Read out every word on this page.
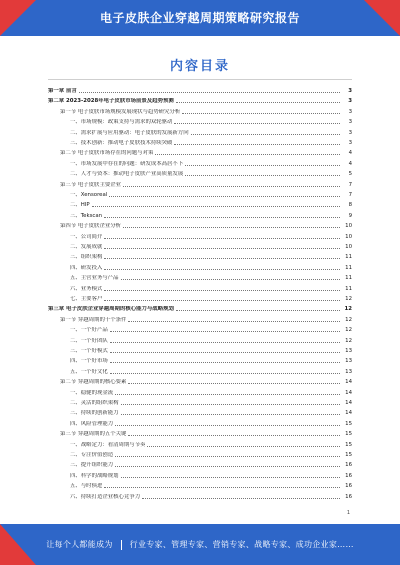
电子皮肤企业穿越周期策略研究报告
内容目录
第一章 前言	3
第二章 2023-2028年电子皮肤市场前景及趋势预测	3
第一节 电子皮肤市场规模发展现状与趋势研究分析	3
一、市场规模：政策支持与需求的双轮驱动	3
二、需求扩展与应用驱动：电子皮肤的发展新方向	3
三、技术创新：推动电子皮肤技术持续突破	3
第二节 电子皮肤市场存在的问题与对策	4
一、市场发展中存在的问题：研发成本高居不下	4
二、人才与资本：推动电子皮肤产业高质量发展	5
第三节 电子皮肤主要企业	7
一、Xensoreal	7
二、HIP	8
三、Tekscan	9
第四节 电子皮肤企业分析	10
一、公司简介	10
二、发展成就	10
三、组织架构	11
四、研发投入	11
五、主营业务与产品	11
六、业务模式	11
七、主要客户	12
第三章 电子皮肤企业穿越周期的核心能力与战略规划	12
第一节 穿越周期的十个条件	12
一、一个好产品	12
二、一个好团队	12
三、一个好模式	13
四、一个好市场	13
五、一个好文化	13
第二节 穿越周期的核心要素	14
一、稳健的现金流	14
二、灵活的组织架构	14
三、持续的创新能力	14
四、风险管理能力	15
第三节 穿越周期的五个关键	15
一、战略定力：看清周期与节奏	15
二、专注价值创造	15
三、提升组织能力	16
四、科学的战略规划	16
五、与时俱进	16
六、持续打造企业核心竞争力	16
1
让每个人都能成为 行业专家、管理专家、营销专家、战略专家、成功企业家……
